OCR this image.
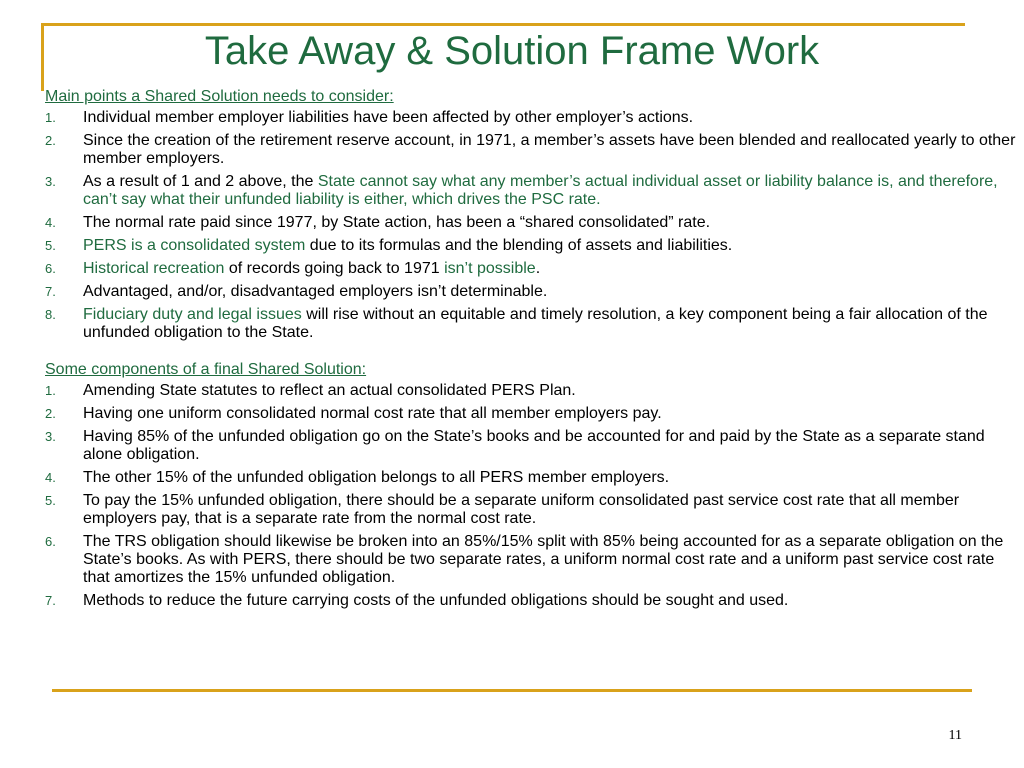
Take Away & Solution Frame Work
Main points a Shared Solution needs to consider:
1.	Individual member employer liabilities have been affected by other employer’s actions.
2.	Since the creation of the retirement reserve account, in 1971, a member’s assets have been blended and reallocated yearly to other member employers.
3.	As a result of 1 and 2 above, the State cannot say what any member’s actual individual asset or liability balance is, and therefore, can’t say what their unfunded liability is either, which drives the PSC rate.
4.	The normal rate paid since 1977, by State action, has been a “shared consolidated” rate.
5.	PERS is a consolidated system due to its formulas and the blending of assets and liabilities.
6.	Historical recreation of records going back to 1971 isn’t possible.
7.	Advantaged, and/or, disadvantaged employers isn’t determinable.
8.	Fiduciary duty and legal issues will rise without an equitable and timely resolution, a key component being a fair allocation of the unfunded obligation to the State.
Some components of a final Shared Solution:
1.	Amending State statutes to reflect an actual consolidated PERS Plan.
2.	Having one uniform consolidated normal cost rate that all member employers pay.
3.	Having 85% of the unfunded obligation go on the State’s books and be accounted for and paid by the State as a separate stand alone obligation.
4.	The other 15% of the unfunded obligation belongs to all PERS member employers.
5.	To pay the 15% unfunded obligation, there should be a separate uniform consolidated past service cost rate that all member employers pay, that is a separate rate from the normal cost rate.
6.	The TRS obligation should likewise be broken into an 85%/15% split with 85% being accounted for as a separate obligation on the State’s books. As with PERS, there should be two separate rates, a uniform normal cost rate and a uniform past service cost rate that amortizes the 15% unfunded obligation.
7.	Methods to reduce the future carrying costs of the unfunded obligations should be sought and used.
11
